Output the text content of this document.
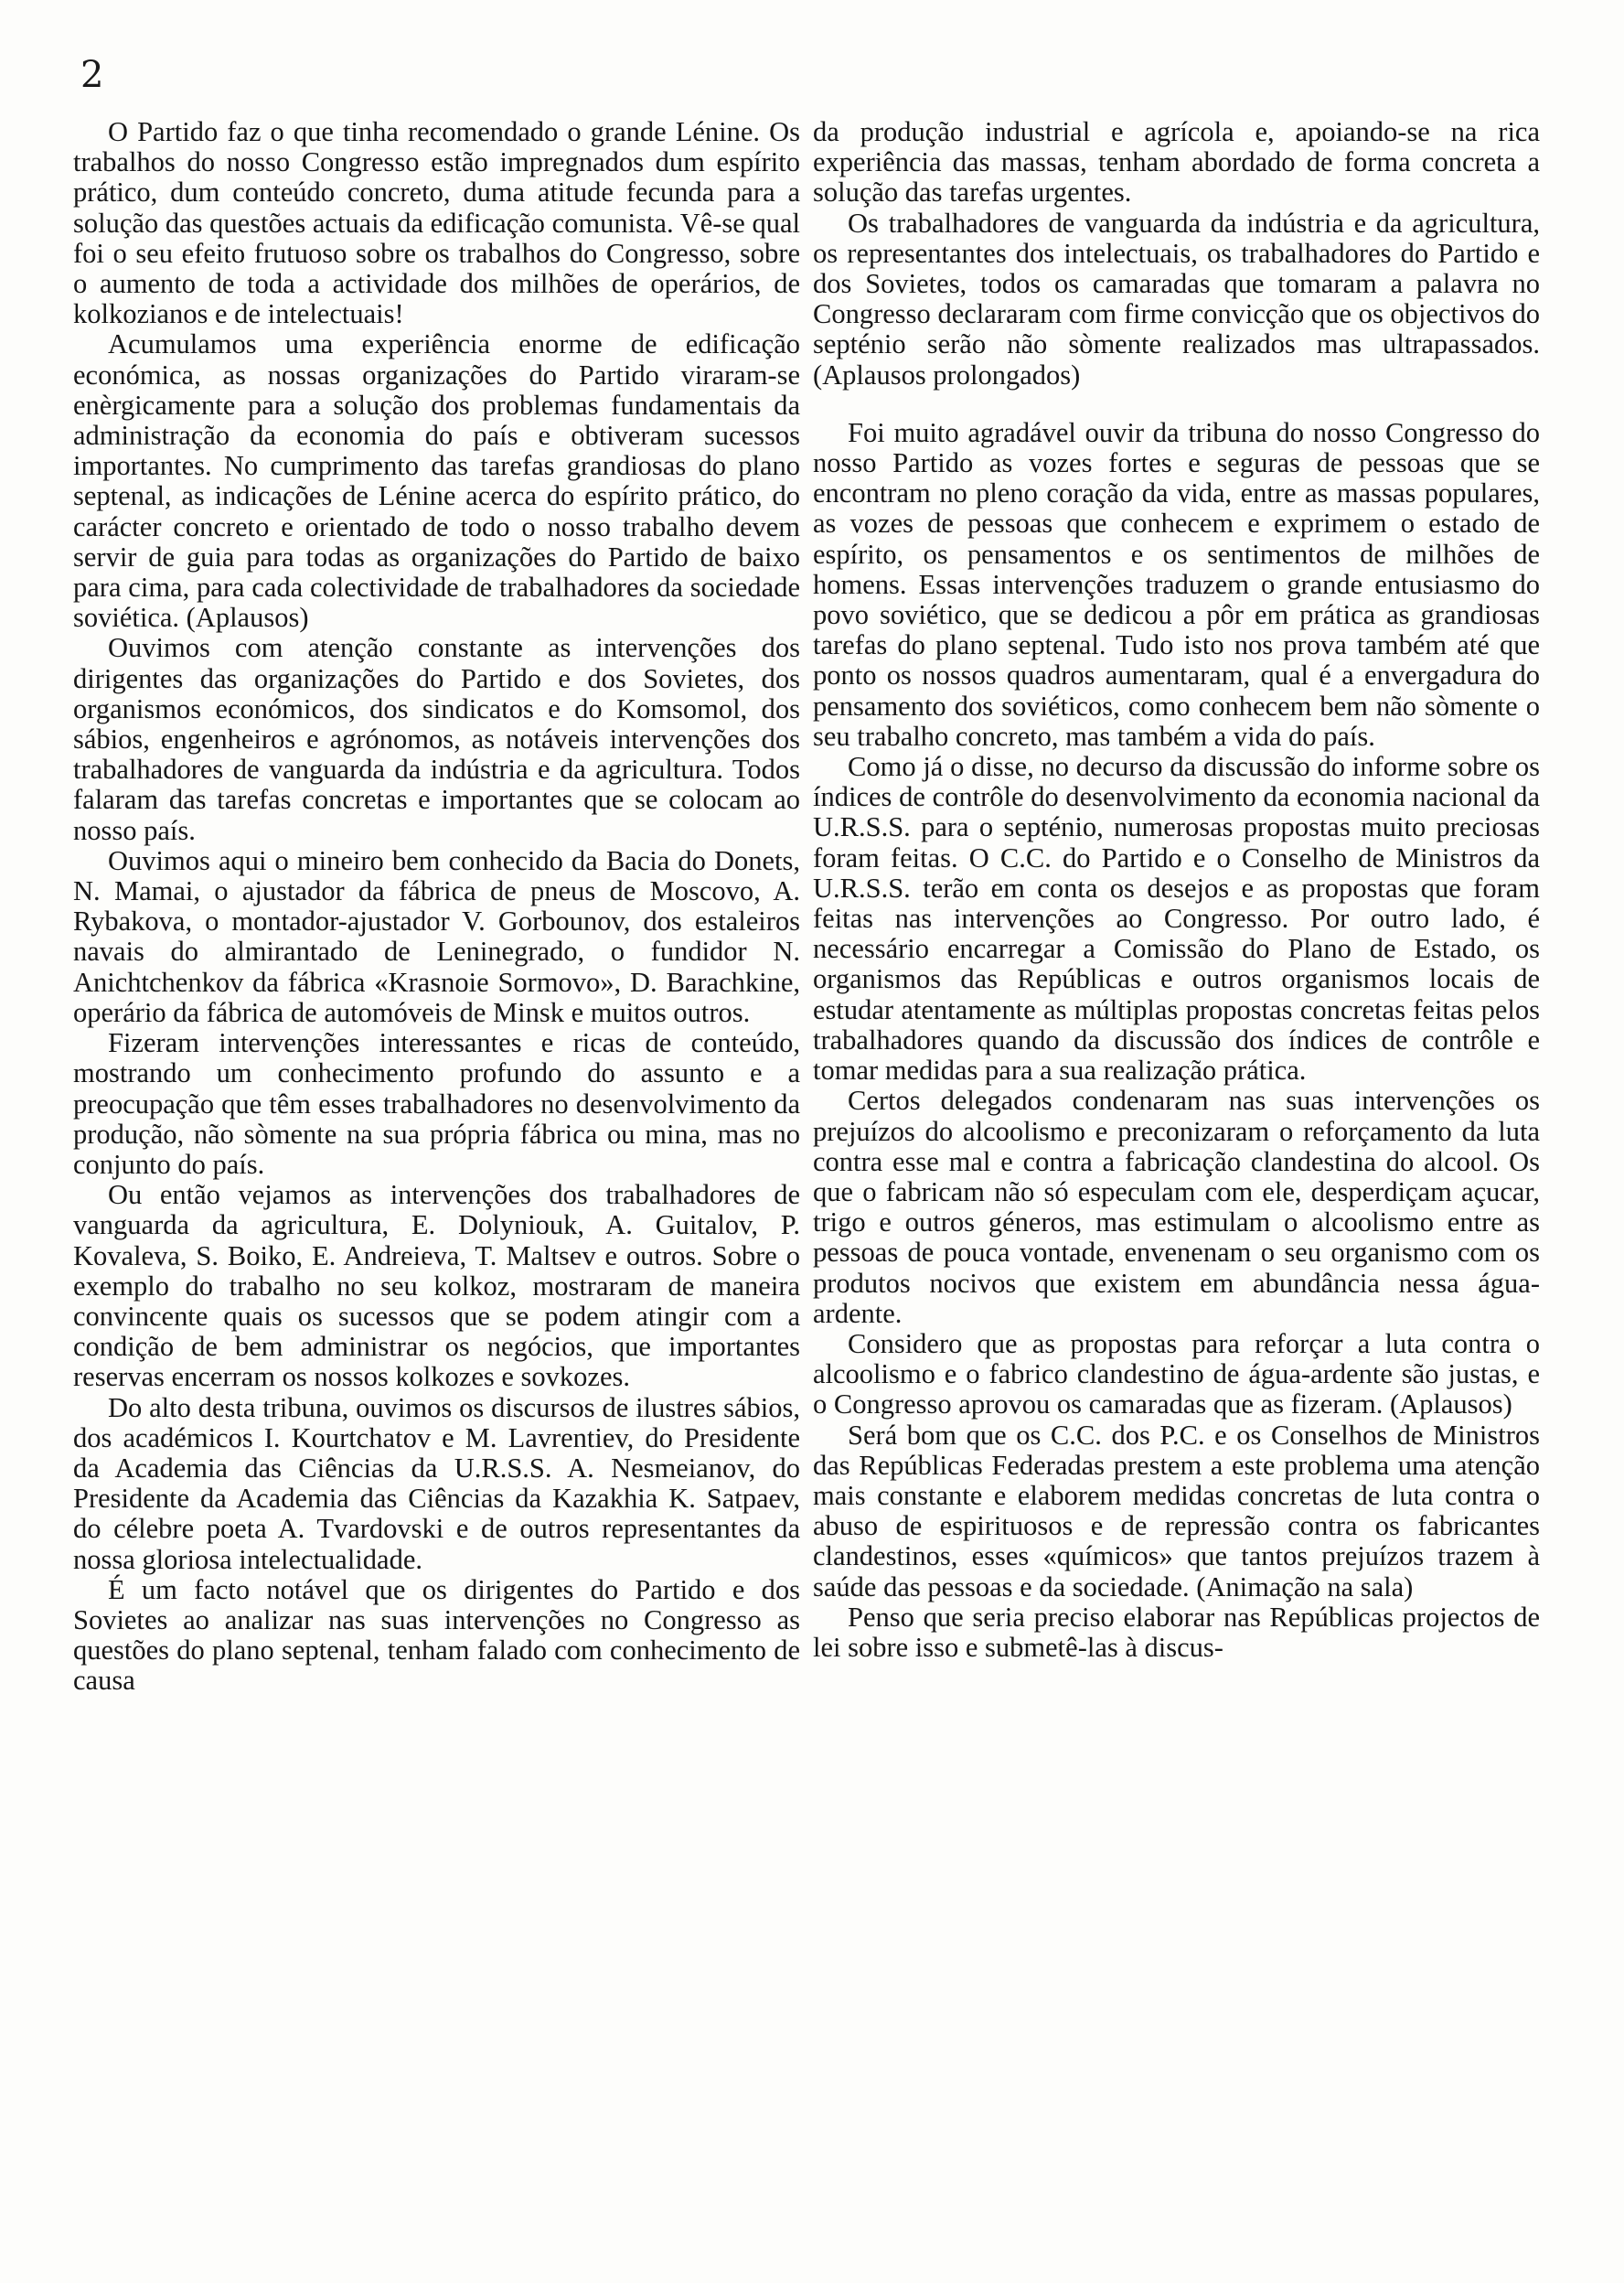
2

O Partido faz o que tinha recomendado o grande Lénine. Os trabalhos do nosso Congresso estão impregnados dum espírito prático, dum conteúdo concreto, duma atitude fecunda para a solução das questões actuais da edificação comunista. Vê-se qual foi o seu efeito frutuoso sobre os trabalhos do Congresso, sobre o aumento de toda a actividade dos milhões de operários, de kolkozianos e de intelectuais!

Acumulamos uma experiência enorme de edificação económica, as nossas organizações do Partido viraram-se enèrgicamente para a solução dos problemas fundamentais da administração da economia do país e obtiveram sucessos importantes. No cumprimento das tarefas grandiosas do plano septenal, as indicações de Lénine acerca do espírito prático, do carácter concreto e orientado de todo o nosso trabalho devem servir de guia para todas as organizações do Partido de baixo para cima, para cada colectividade de trabalhadores da sociedade soviética. (Aplausos)

Ouvimos com atenção constante as intervenções dos dirigentes das organizações do Partido e dos Sovietes, dos organismos económicos, dos sindicatos e do Komsomol, dos sábios, engenheiros e agrónomos, as notáveis intervenções dos trabalhadores de vanguarda da indústria e da agricultura. Todos falaram das tarefas concretas e importantes que se colocam ao nosso país.

Ouvimos aqui o mineiro bem conhecido da Bacia do Donets, N. Mamai, o ajustador da fábrica de pneus de Moscovo, A. Rybakova, o montador-ajustador V. Gorbounov, dos estaleiros navais do almirantado de Leninegrado, o fundidor N. Anichtchenkov da fábrica «Krasnoie Sormovo», D. Barachkine, operário da fábrica de automóveis de Minsk e muitos outros.

Fizeram intervenções interessantes e ricas de conteúdo, mostrando um conhecimento profundo do assunto e a preocupação que têm esses trabalhadores no desenvolvimento da produção, não sòmente na sua própria fábrica ou mina, mas no conjunto do país.

Ou então vejamos as intervenções dos trabalhadores de vanguarda da agricultura, E. Dolyniouk, A. Guitalov, P. Kovaleva, S. Boiko, E. Andreieva, T. Maltsev e outros. Sobre o exemplo do trabalho no seu kolkoz, mostraram de maneira convincente quais os sucessos que se podem atingir com a condição de bem administrar os negócios, que importantes reservas encerram os nossos kolkozes e sovkozes.

Do alto desta tribuna, ouvimos os discursos de ilustres sábios, dos académicos I. Kourtchatov e M. Lavrentiev, do Presidente da Academia das Ciências da U.R.S.S. A. Nesmeianov, do Presidente da Academia das Ciências da Kazakhia K. Satpaev, do célebre poeta A. Tvardovski e de outros representantes da nossa gloriosa intelectualidade.

É um facto notável que os dirigentes do Partido e dos Sovietes ao analizar nas suas intervenções no Congresso as questões do plano septenal, tenham falado com conhecimento de causa

da produção industrial e agrícola e, apoiando-se na rica experiência das massas, tenham abordado de forma concreta a solução das tarefas urgentes.

Os trabalhadores de vanguarda da indústria e da agricultura, os representantes dos intelectuais, os trabalhadores do Partido e dos Sovietes, todos os camaradas que tomaram a palavra no Congresso declararam com firme convicção que os objectivos do septénio serão não sòmente realizados mas ultrapassados. (Aplausos prolongados)

Foi muito agradável ouvir da tribuna do nosso Congresso do nosso Partido as vozes fortes e seguras de pessoas que se encontram no pleno coração da vida, entre as massas populares, as vozes de pessoas que conhecem e exprimem o estado de espírito, os pensamentos e os sentimentos de milhões de homens. Essas intervenções traduzem o grande entusiasmo do povo soviético, que se dedicou a pôr em prática as grandiosas tarefas do plano septenal. Tudo isto nos prova também até que ponto os nossos quadros aumentaram, qual é a envergadura do pensamento dos soviéticos, como conhecem bem não sòmente o seu trabalho concreto, mas também a vida do país.

Como já o disse, no decurso da discussão do informe sobre os índices de contrôle do desenvolvimento da economia nacional da U.R.S.S. para o septénio, numerosas propostas muito preciosas foram feitas. O C.C. do Partido e o Conselho de Ministros da U.R.S.S. terão em conta os desejos e as propostas que foram feitas nas intervenções ao Congresso. Por outro lado, é necessário encarregar a Comissão do Plano de Estado, os organismos das Repúblicas e outros organismos locais de estudar atentamente as múltiplas propostas concretas feitas pelos trabalhadores quando da discussão dos índices de contrôle e tomar medidas para a sua realização prática.

Certos delegados condenaram nas suas intervenções os prejuízos do alcoolismo e preconizaram o reforçamento da luta contra esse mal e contra a fabricação clandestina do alcool. Os que o fabricam não só especulam com ele, desperdiçam açucar, trigo e outros géneros, mas estimulam o alcoolismo entre as pessoas de pouca vontade, envenenam o seu organismo com os produtos nocivos que existem em abundância nessa água-ardente.

Considero que as propostas para reforçar a luta contra o alcoolismo e o fabrico clandestino de água-ardente são justas, e o Congresso aprovou os camaradas que as fizeram. (Aplausos)

Será bom que os C.C. dos P.C. e os Conselhos de Ministros das Repúblicas Federadas prestem a este problema uma atenção mais constante e elaborem medidas concretas de luta contra o abuso de espirituosos e de repressão contra os fabricantes clandestinos, esses «químicos» que tantos prejuízos trazem à saúde das pessoas e da sociedade. (Animação na sala)

Penso que seria preciso elaborar nas Repúblicas projectos de lei sobre isso e submetê-las à discus-
